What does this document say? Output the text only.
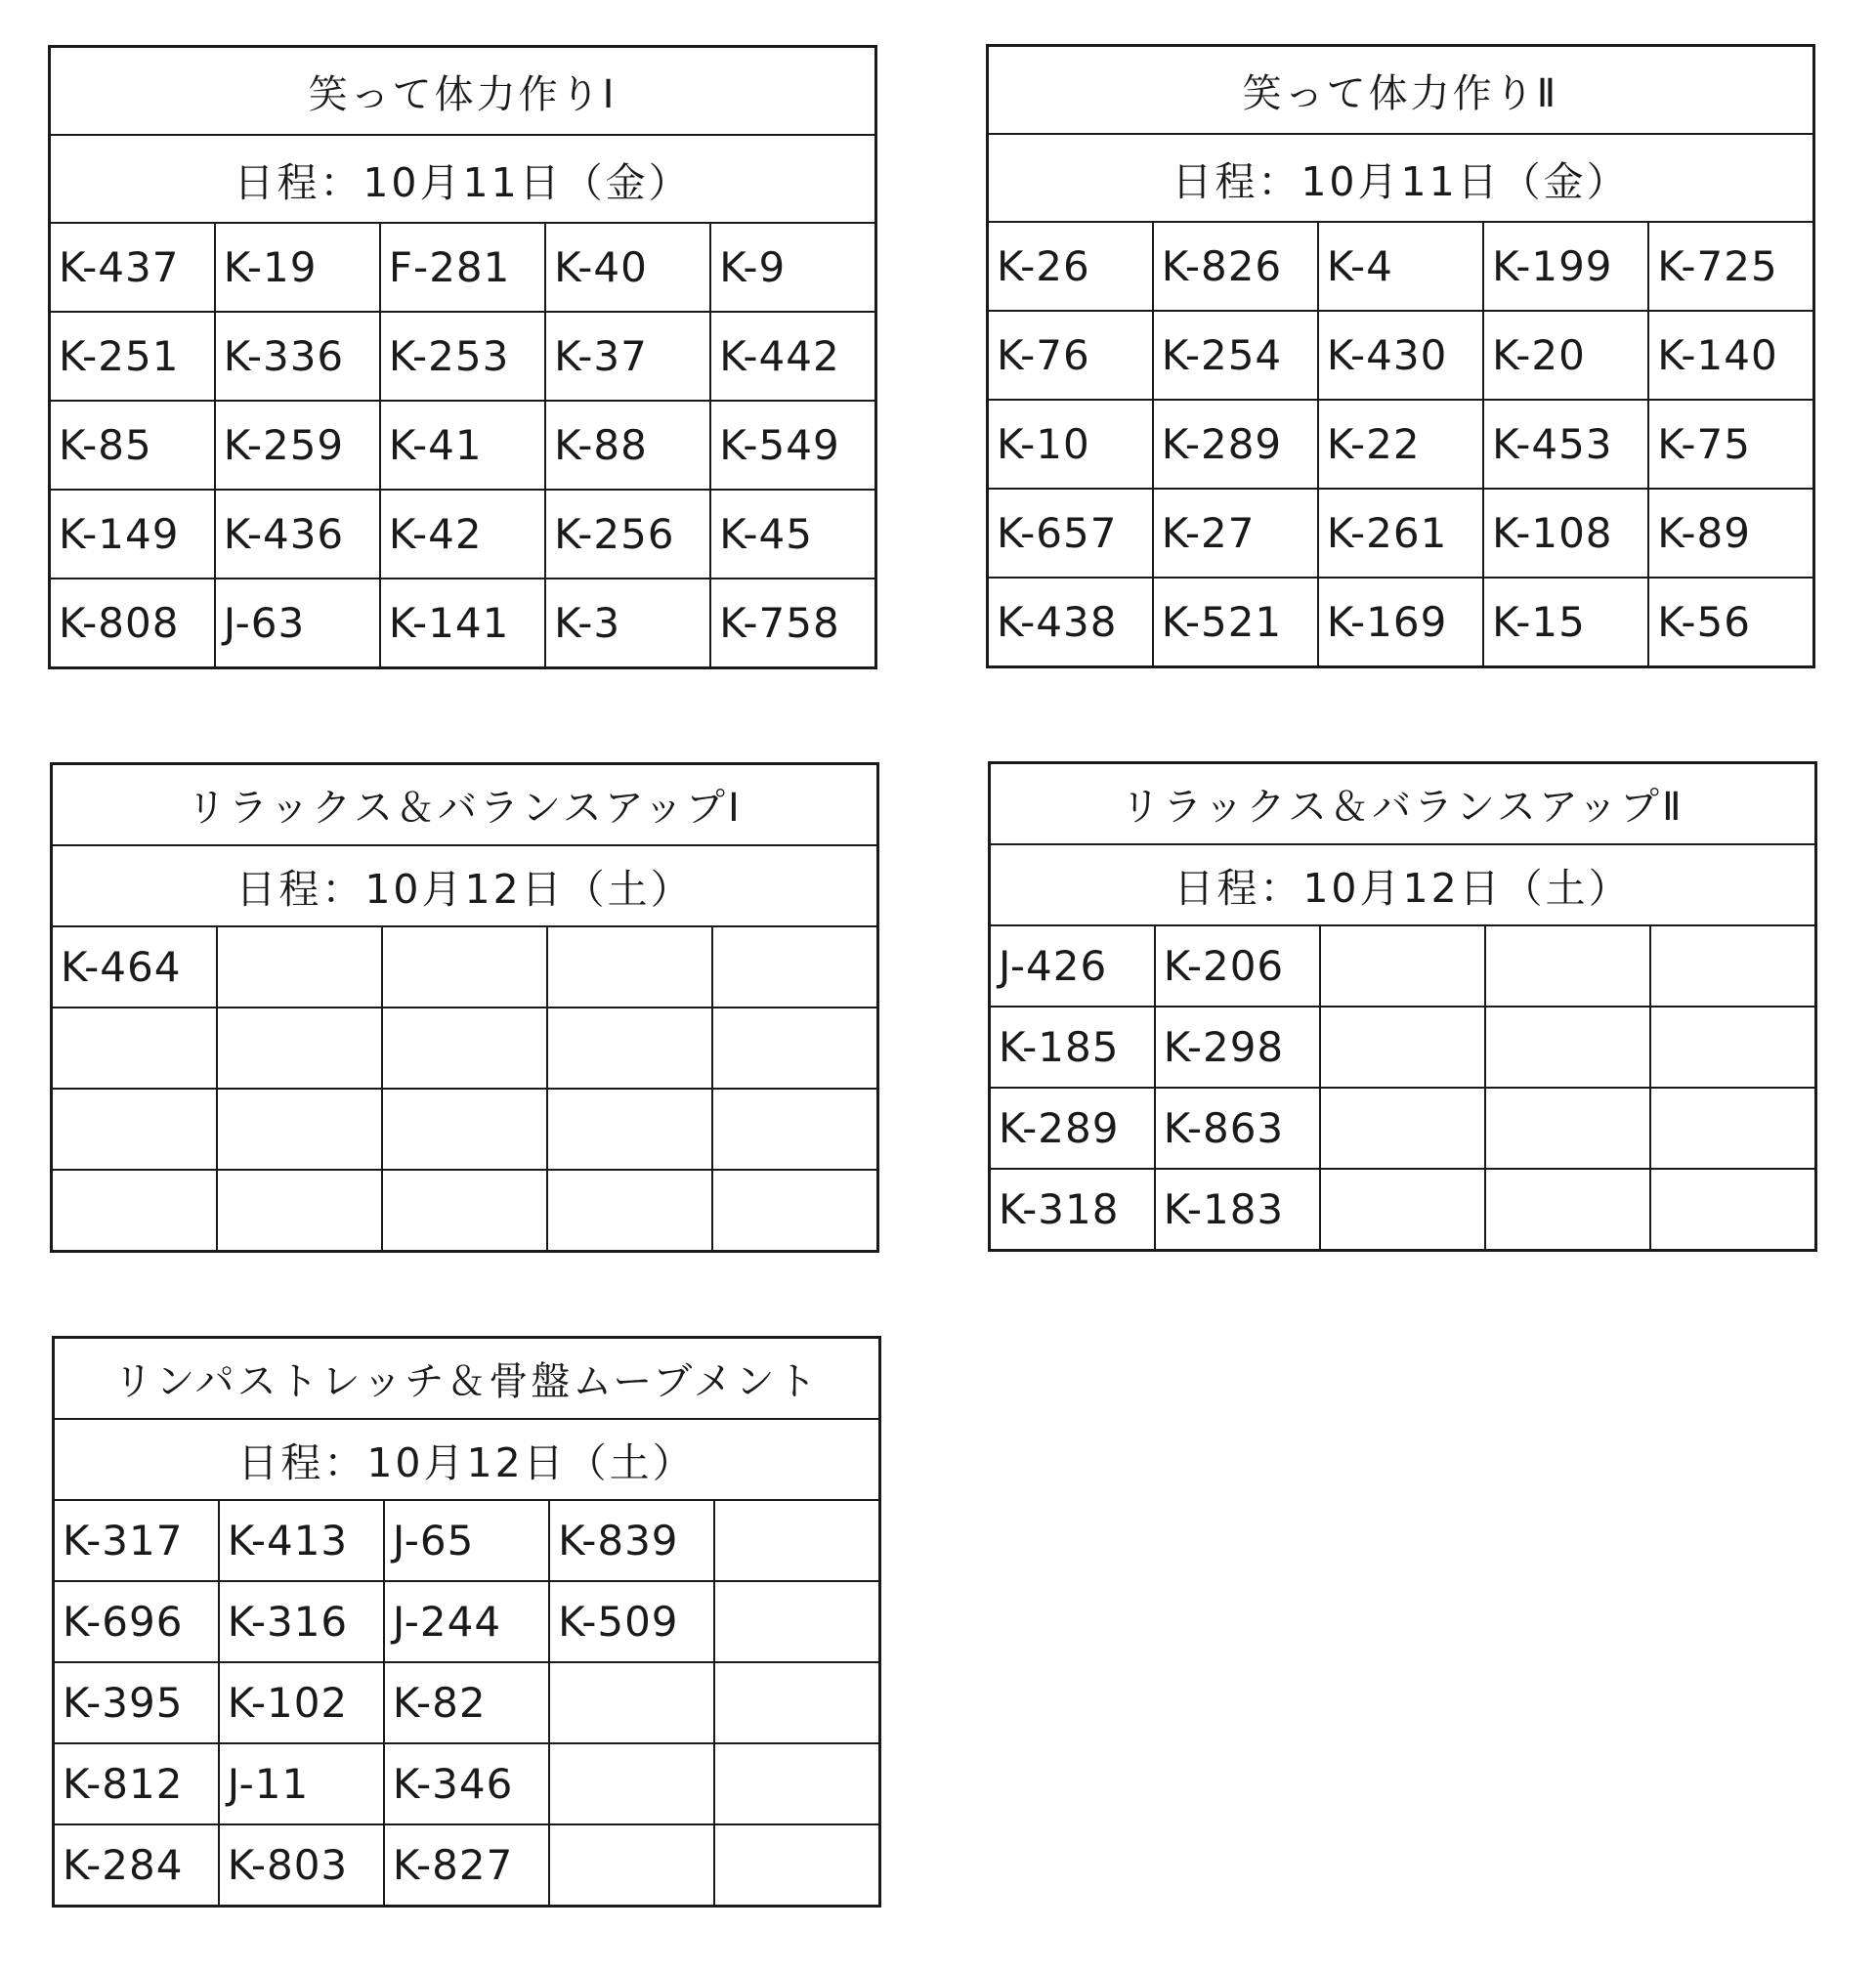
笑って体力作りⅠ				
日程：10月11日（金）				
K-437	K-19	F-281	K-40	K-9
K-251	K-336	K-253	K-37	K-442
K-85	K-259	K-41	K-88	K-549
K-149	K-436	K-42	K-256	K-45
K-808	J-63	K-141	K-3	K-758
笑って体力作りⅡ				
日程：10月11日（金）				
K-26	K-826	K-4	K-199	K-725
K-76	K-254	K-430	K-20	K-140
K-10	K-289	K-22	K-453	K-75
K-657	K-27	K-261	K-108	K-89
K-438	K-521	K-169	K-15	K-56
リラックス＆バランスアップⅠ				
日程：10月12日（土）				
K-464				

リラックス＆バランスアップⅡ				
日程：10月12日（土）				
J-426	K-206			
K-185	K-298			
K-289	K-863			
K-318	K-183			
リンパストレッチ＆骨盤ムーブメント				
日程：10月12日（土）				
K-317	K-413	J-65	K-839	
K-696	K-316	J-244	K-509	
K-395	K-102	K-82		
K-812	J-11	K-346		
K-284	K-803	K-827		
